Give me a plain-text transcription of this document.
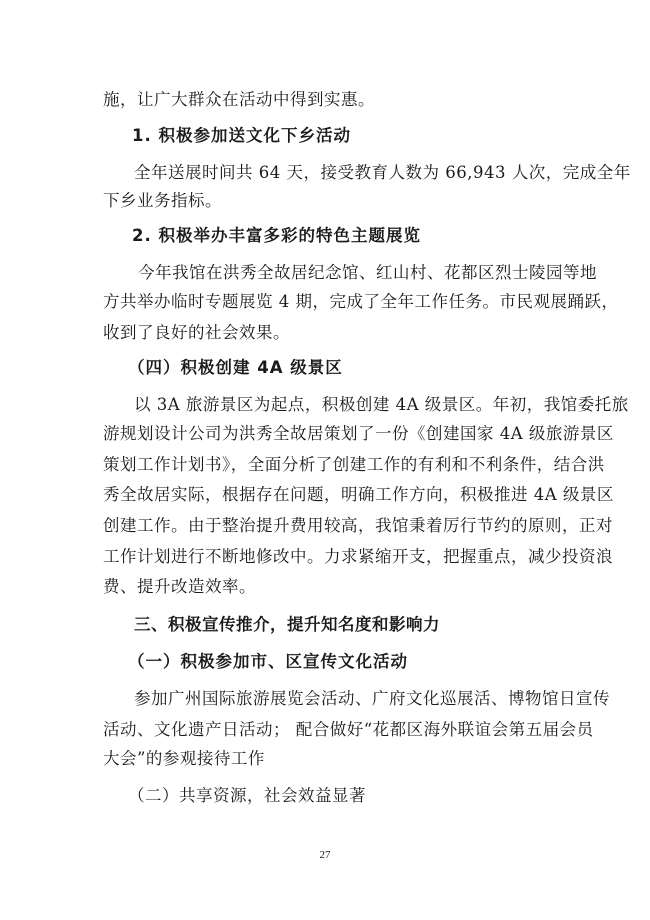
施，让广大群众在活动中得到实惠。
1. 积极参加送文化下乡活动
全年送展时间共 64 天，接受教育人数为 66,943 人次，完成全年
下乡业务指标。
2. 积极举办丰富多彩的特色主题展览
今年我馆在洪秀全故居纪念馆、红山村、花都区烈士陵园等地
方共举办临时专题展览 4 期，完成了全年工作任务。市民观展踊跃，
收到了良好的社会效果。
（四）积极创建 4A 级景区
以 3A 旅游景区为起点，积极创建 4A 级景区。年初，我馆委托旅
游规划设计公司为洪秀全故居策划了一份《创建国家 4A 级旅游景区
策划工作计划书》，全面分析了创建工作的有利和不利条件，结合洪
秀全故居实际，根据存在问题，明确工作方向，积极推进 4A 级景区
创建工作。由于整治提升费用较高，我馆秉着厉行节约的原则，正对
工作计划进行不断地修改中。力求紧缩开支，把握重点，减少投资浪
费、提升改造效率。
三、积极宣传推介，提升知名度和影响力
（一）积极参加市、区宣传文化活动
参加广州国际旅游展览会活动、广府文化巡展活、博物馆日宣传
活动、文化遗产日活动； 配合做好“花都区海外联谊会第五届会员
大会”的参观接待工作
（二）共享资源，社会效益显著
27
